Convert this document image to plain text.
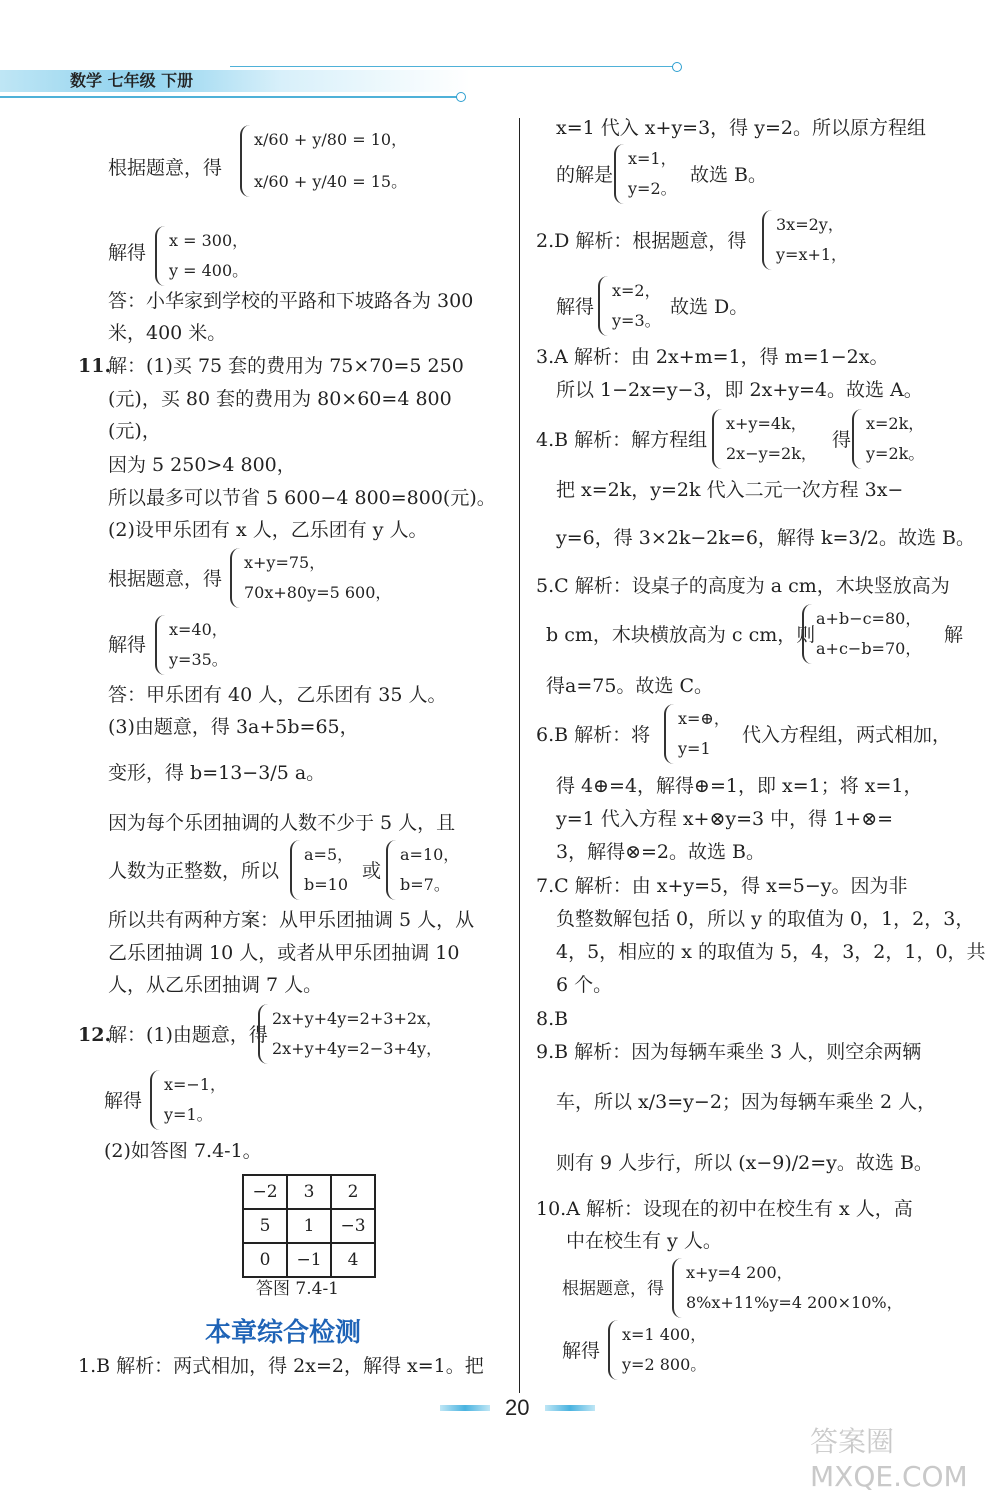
数学 七年级 下册
根据题意，得
x/60 + y/80 = 10，
x/60 + y/40 = 15。
解得
x = 300，
y = 400。
答：小华家到学校的平路和下坡路各为 300
米，400 米。
11.
解：(1)买 75 套的费用为 75×70=5 250
(元)，买 80 套的费用为 80×60=4 800
(元)，
因为 5 250>4 800，
所以最多可以节省 5 600−4 800=800(元)。
(2)设甲乐团有 x 人，乙乐团有 y 人。
根据题意，得
x+y=75，
70x+80y=5 600，
解得
x=40，
y=35。
答：甲乐团有 40 人，乙乐团有 35 人。
(3)由题意，得 3a+5b=65，
变形，得 b=13−3/5 a。
因为每个乐团抽调的人数不少于 5 人，且
人数为正整数，所以
a=5，
b=10
或
a=10，
b=7。
所以共有两种方案：从甲乐团抽调 5 人，从
乙乐团抽调 10 人，或者从甲乐团抽调 10
人，从乙乐团抽调 7 人。
12.
解：(1)由题意，得
2x+y+4y=2+3+2x，
2x+y+4y=2−3+4y，
解得
x=−1，
y=1。
(2)如答图 7.4-1。
−2	3	2
5	1	−3
0	−1	4
答图 7.4-1
本章综合检测
1.B 解析：两式相加，得 2x=2，解得 x=1。把
x=1 代入 x+y=3，得 y=2。所以原方程组
的解是
x=1，
y=2。
故选 B。
2.D 解析：根据题意，得
3x=2y，
y=x+1，
解得
x=2，
y=3。
故选 D。
3.A 解析：由 2x+m=1，得 m=1−2x。
所以 1−2x=y−3，即 2x+y=4。故选 A。
4.B 解析：解方程组
x+y=4k，
2x−y=2k，
得
x=2k，
y=2k。
把 x=2k，y=2k 代入二元一次方程 3x−
y=6，得 3×2k−2k=6，解得 k=3/2。故选 B。
5.C 解析：设桌子的高度为 a cm，木块竖放高为
b cm，木块横放高为 c cm，则
a+b−c=80，
a+c−b=70，
解
得a=75。故选 C。
6.B 解析：将
x=⊕，
y=1
代入方程组，两式相加，
得 4⊕=4，解得⊕=1，即 x=1；将 x=1，
y=1 代入方程 x+⊗y=3 中，得 1+⊗=
3，解得⊗=2。故选 B。
7.C 解析：由 x+y=5，得 x=5−y。因为非
负整数解包括 0，所以 y 的取值为 0，1，2，3，
4，5，相应的 x 的取值为 5，4，3，2，1，0，共
6 个。
8.B
9.B 解析：因为每辆车乘坐 3 人，则空余两辆
车，所以 x/3=y−2；因为每辆车乘坐 2 人，
则有 9 人步行，所以 (x−9)/2=y。故选 B。
10.A 解析：设现在的初中在校生有 x 人，高
中在校生有 y 人。
根据题意，得
x+y=4 200，
8%x+11%y=4 200×10%，
解得
x=1 400，
y=2 800。
20
答案圈 MXQE.COM
